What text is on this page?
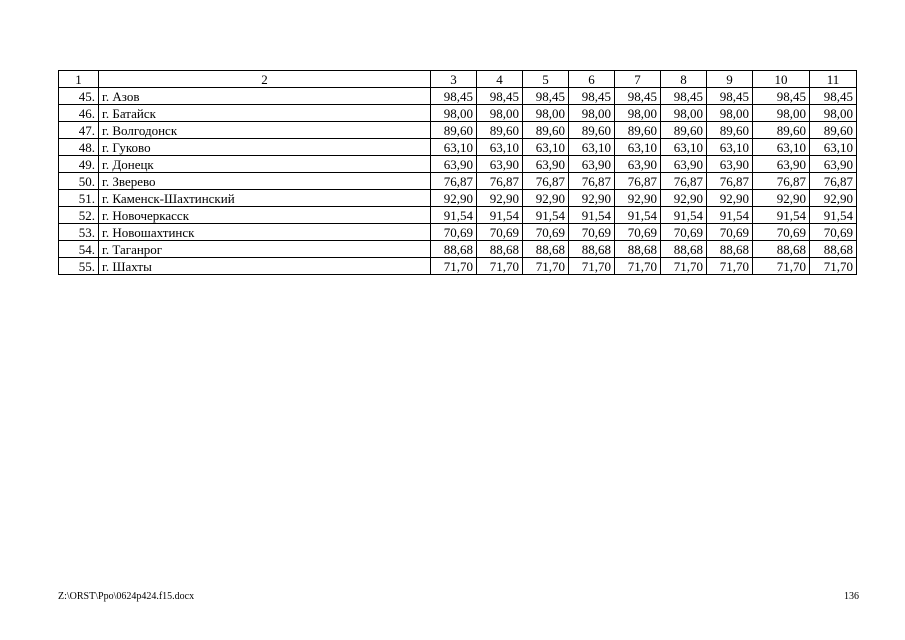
1	2	3	4	5	6	7	8	9	10	11
45.	г. Азов	98,45	98,45	98,45	98,45	98,45	98,45	98,45	98,45	98,45
46.	г. Батайск	98,00	98,00	98,00	98,00	98,00	98,00	98,00	98,00	98,00
47.	г. Волгодонск	89,60	89,60	89,60	89,60	89,60	89,60	89,60	89,60	89,60
48.	г. Гуково	63,10	63,10	63,10	63,10	63,10	63,10	63,10	63,10	63,10
49.	г. Донецк	63,90	63,90	63,90	63,90	63,90	63,90	63,90	63,90	63,90
50.	г. Зверево	76,87	76,87	76,87	76,87	76,87	76,87	76,87	76,87	76,87
51.	г. Каменск-Шахтинский	92,90	92,90	92,90	92,90	92,90	92,90	92,90	92,90	92,90
52.	г. Новочеркасск	91,54	91,54	91,54	91,54	91,54	91,54	91,54	91,54	91,54
53.	г. Новошахтинск	70,69	70,69	70,69	70,69	70,69	70,69	70,69	70,69	70,69
54.	г. Таганрог	88,68	88,68	88,68	88,68	88,68	88,68	88,68	88,68	88,68
55.	г. Шахты	71,70	71,70	71,70	71,70	71,70	71,70	71,70	71,70	71,70
Z:\ORST\Ppo\0624p424.f15.docx	136
